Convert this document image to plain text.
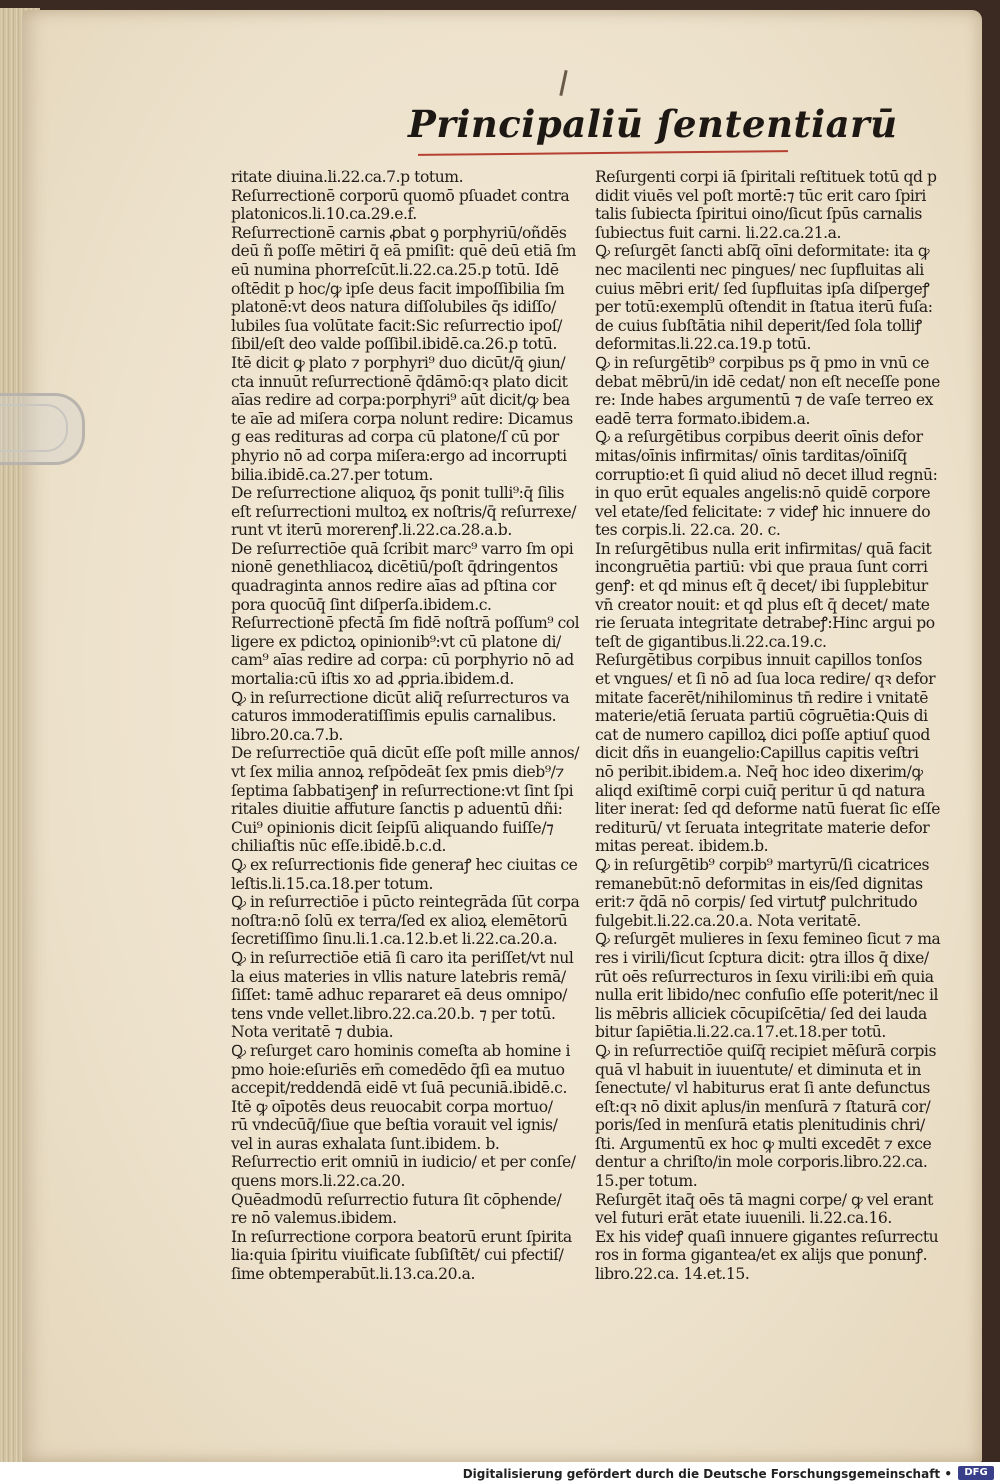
Principaliū ſententiarū
ritate diuina.li.22.ca.7.p totum.
Reſurrectionē corporū quomō pſuadet contra
platonicos.li.10.ca.29.e.f.
Reſurrectionē carnis ꝓbat ꝯ porphyriū/oñdēs
deū ñ poſſe mētiri q̄ eā pmiſit: quē deū etiā ſm
eū numina phorreſcūt.li.22.ca.25.p totū. Idē
oſtēdit p hoc/ꝙ ipſe deus facit impoſſibilia ſm
platonē:vt deos natura diſſolubiles q̄s idiſſo/
lubiles ſua volūtate facit:Sic reſurrectio ipoſ/
ſibil/eſt deo valde poſſibil.ibidē.ca.26.p totū.
Itē dicit ꝙ plato ⁊ porphyri⁹ duo dicūt/q̄ ꝯiun/
cta innuūt reſurrectionē q̄dāmō:qꝛ plato dicit
aīas redire ad corpa:porphyri⁹ aūt dicit/ꝙ bea
te aīe ad miſera corpa nolunt redire: Dicamus
g eas redituras ad corpa cū platone/ſ cū por
phyrio nō ad corpa miſera:ergo ad incorrupti
bilia.ibidē.ca.27.per totum.
De reſurrectione aliquoꝝ q̄s ponit tulli⁹:q̄ ſilis
eſt reſurrectioni multoꝝ ex noſtris/q̄ reſurrexe/
runt vt iterū morerenꝭ.li.22.ca.28.a.b.
De reſurrectiōe quā ſcribit marc⁹ varro ſm opi
nionē genethliacoꝝ dicētiū/poſt q̄dringentos
quadraginta annos redire aīas ad pſtina cor
pora quocūq̄ ſint diſperſa.ibidem.c.
Reſurrectionē pfectā ſm fidē noſtrā poſſum⁹ col
ligere ex pdictoꝝ opinionib⁹:vt cū platone di/
cam⁹ aīas redire ad corpa: cū porphyrio nō ad
mortalia:cū iſtis xo ad ꝓpria.ibidem.d.
Ꝙ in reſurrectione dicūt aliq̄ reſurrecturos va
caturos immoderatiſſimis epulis carnalibus.
libro.20.ca.7.b.
De reſurrectiōe quā dicūt eſſe poſt mille annos/
vt ſex milia annoꝝ reſpōdeāt ſex pmis dieb⁹/⁊
ſeptima ſabbatiꝫenꝭ in reſurrectione:vt ſint ſpi
ritales diuitie affuture ſanctis p aduentū dñi:
Cui⁹ opinionis dicit ſeipſū aliquando fuiſſe/⁊
chiliaſtis nūc eſſe.ibidē.b.c.d.
Ꝙ ex reſurrectionis fide generaꝭ hec ciuitas ce
leſtis.li.15.ca.18.per totum.
Ꝙ in reſurrectiōe i pūcto reintegrāda ſūt corpa
noſtra:nō ſolū ex terra/ſed ex alioꝝ elemētorū
ſecretiſſimo ſinu.li.1.ca.12.b.et li.22.ca.20.a.
Ꝙ in reſurrectiōe etiā ſi caro ita periſſet/vt nul
la eius materies in vllis nature latebris remā/
ſiſſet: tamē adhuc repararet eā deus omnipo/
tens vnde vellet.libro.22.ca.20.b. ⁊ per totū.
Nota veritatē ⁊ dubia.
Ꝙ reſurget caro hominis comeſta ab homine i
pmo hoie:eſuriēs em̄ comedēdo q̄ſi ea mutuo
accepit/reddendā eidē vt ſuā pecuniā.ibidē.c.
Itē ꝙ oīpotēs deus reuocabit corpa mortuo/
rū vndecūq̄/ſiue que beſtia vorauit vel ignis/
vel in auras exhalata ſunt.ibidem. b.
Reſurrectio erit omniū in iudicio/ et per conſe/
quens mors.li.22.ca.20.
Quēadmodū reſurrectio futura ſit cōphende/
re nō valemus.ibidem.
In reſurrectione corpora beatorū erunt ſpirita
lia:quia ſpiritu viuificate ſubſiſtēt/ cui pfectiſ/
ſime obtemperabūt.li.13.ca.20.a.
Reſurgenti corpi iā ſpiritali reſtituek totū qd p
didit viuēs vel poſt mortē:⁊ tūc erit caro ſpiri
talis ſubiecta ſpiritui oino/ſicut ſpūs carnalis
ſubiectus fuit carni. li.22.ca.21.a.
Ꝙ reſurgēt ſancti abſq̄ oīni deformitate: ita ꝙ
nec macilenti nec pingues/ nec ſupfluitas ali
cuius mēbri erit/ ſed ſupfluitas ipſa diſpergeꝭ
per totū:exemplū oſtendit in ſtatua iterū fuſa:
de cuius ſubſtātia nihil deperit/ſed ſola tolliꝭ
deformitas.li.22.ca.19.p totū.
Ꝙ in reſurgētib⁹ corpibus ps q̄ pmo in vnū ce
debat mēbrū/in idē cedat/ non eſt neceſſe pone
re: Inde habes argumentū ⁊ de vaſe terreo ex
eadē terra formato.ibidem.a.
Ꝙ a reſurgētibus corpibus deerit oīnis defor
mitas/oīnis infirmitas/ oīnis tarditas/oīniſq̄
corruptio:et ſi quid aliud nō decet illud regnū:
in quo erūt equales angelis:nō quidē corpore
vel etate/ſed felicitate: ⁊ videꝭ hic innuere do
tes corpis.li. 22.ca. 20. c.
In reſurgētibus nulla erit infirmitas/ quā facit
incongruētia partiū: vbi que praua ſunt corri
genꝭ: et qd minus eſt q̄ decet/ ibi ſupplebitur
vn̄ creator nouit: et qd plus eſt q̄ decet/ mate
rie ſeruata integritate detrabeꝭ:Hinc argui po
teſt de gigantibus.li.22.ca.19.c.
Reſurgētibus corpibus innuit capillos tonſos
et vngues/ et ſi nō ad ſua loca redire/ qꝛ defor
mitate facerēt/nihilominus tn̄ redire i vnitatē
materie/etiā ſeruata partiū cōgruētia:Quis di
cat de numero capilloꝝ dici poſſe aptiuſ quod
dicit dñs in euangelio:Capillus capitis veſtri
nō peribit.ibidem.a. Neq̄ hoc ideo dixerim/ꝙ
aliqd exiſtimē corpi cuiq̄ peritur ū qd natura
liter inerat: ſed qd deforme natū fuerat ſic eſſe
rediturū/ vt ſeruata integritate materie defor
mitas pereat. ibidem.b.
Ꝙ in reſurgētib⁹ corpib⁹ martyrū/ſi cicatrices
remanebūt:nō deformitas in eis/ſed dignitas
erit:⁊ q̄dā nō corpis/ ſed virtutꝭ pulchritudo
fulgebit.li.22.ca.20.a. Nota veritatē.
Ꝙ reſurgēt mulieres in ſexu femineo ſicut ⁊ ma
res i virili/ſicut ſcptura dicit: ꝯtra illos q̄ dixe/
rūt oēs reſurrecturos in ſexu virili:ibi em̄ quia
nulla erit libido/nec confuſio eſſe poterit/nec il
lis mēbris alliciek cōcupiſcētia/ ſed dei lauda
bitur ſapiētia.li.22.ca.17.et.18.per totū.
Ꝙ in reſurrectiōe quiſq̄ recipiet mēſurā corpis
quā vl habuit in iuuentute/ et diminuta et in
ſenectute/ vl habiturus erat ſi ante defunctus
eſt:qꝛ nō dixit aplus/in menſurā ⁊ ſtaturā cor/
poris/ſed in menſurā etatis plenitudinis chri/
ſti. Argumentū ex hoc ꝙ multi excedēt ⁊ exce
dentur a chriſto/in mole corporis.libro.22.ca.
15.per totum.
Reſurgēt itaq̄ oēs tā magni corpe/ ꝙ vel erant
vel futuri erāt etate iuuenili. li.22.ca.16.
Ex his videꝭ quaſi innuere gigantes reſurrectu
ros in forma gigantea/et ex alijs que ponunꝭ.
libro.22.ca. 14.et.15.
Digitalisierung gefördert durch die Deutsche Forschungsgemeinschaft •	DFG
